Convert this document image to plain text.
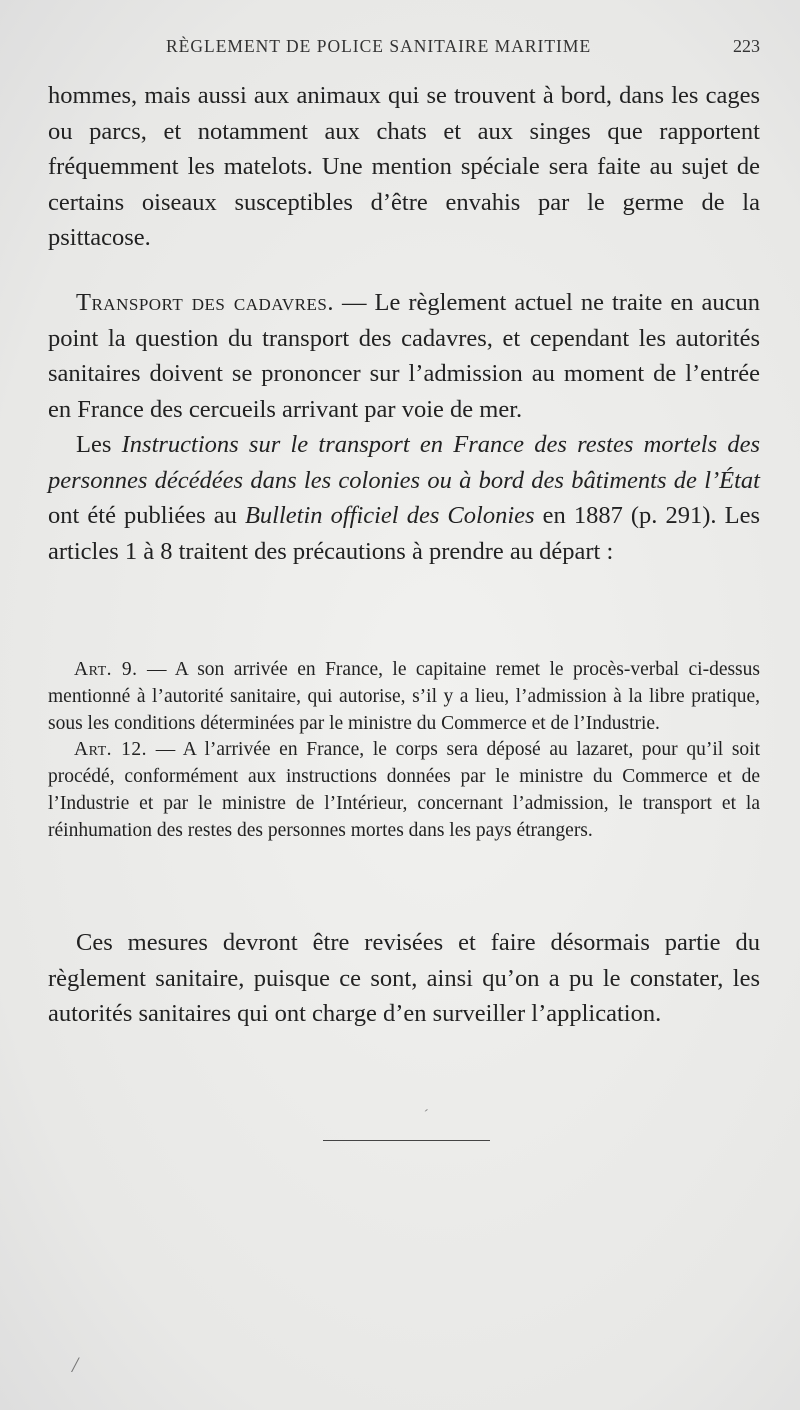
RÈGLEMENT DE POLICE SANITAIRE MARITIME	223

hommes, mais aussi aux animaux qui se trouvent à bord, dans les cages ou parcs, et notamment aux chats et aux singes que rapportent fréquemment les matelots. Une mention spéciale sera faite au sujet de certains oiseaux susceptibles d’être envahis par le germe de la psittacose.

Transport des cadavres. — Le règlement actuel ne traite en aucun point la question du transport des cadavres, et cependant les autorités sanitaires doivent se prononcer sur l’admission au moment de l’entrée en France des cercueils arrivant par voie de mer.

Les Instructions sur le transport en France des restes mortels des personnes décédées dans les colonies ou à bord des bâtiments de l’État ont été publiées au Bulletin officiel des Colonies en 1887 (p. 291). Les articles 1 à 8 traitent des précautions à prendre au départ :

Art. 9. — A son arrivée en France, le capitaine remet le procès-verbal ci-dessus mentionné à l’autorité sanitaire, qui autorise, s’il y a lieu, l’admission à la libre pratique, sous les conditions déterminées par le ministre du Commerce et de l’Industrie.

Art. 12. — A l’arrivée en France, le corps sera déposé au lazaret, pour qu’il soit procédé, conformément aux instructions données par le ministre du Commerce et de l’Industrie et par le ministre de l’Intérieur, concernant l’admission, le transport et la réinhumation des restes des personnes mortes dans les pays étrangers.

Ces mesures devront être revisées et faire désormais partie du règlement sanitaire, puisque ce sont, ainsi qu’on a pu le constater, les autorités sanitaires qui ont charge d’en surveiller l’application.

ˊ
/
